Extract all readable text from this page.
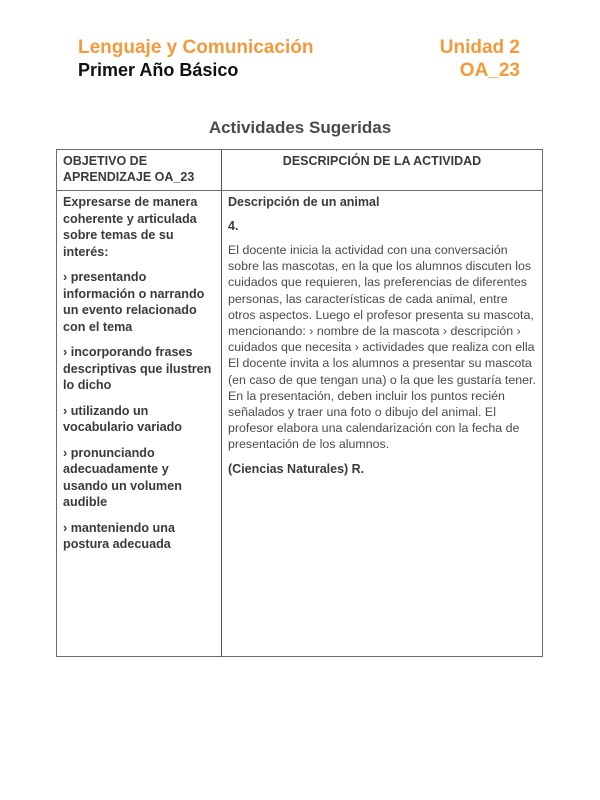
Lenguaje y Comunicación	Unidad 2
Primer Año Básico	OA_23
Actividades Sugeridas
OBJETIVO DE APRENDIZAJE OA_23
DESCRIPCIÓN DE LA ACTIVIDAD

Expresarse de manera coherente y articulada sobre temas de su interés:

› presentando información o narrando un evento relacionado con el tema

› incorporando frases descriptivas que ilustren lo dicho

› utilizando un vocabulario variado

› pronunciando adecuadamente y usando un volumen audible

› manteniendo una postura adecuada

Descripción de un animal

4.

El docente inicia la actividad con una conversación sobre las mascotas, en la que los alumnos discuten los cuidados que requieren, las preferencias de diferentes personas, las características de cada animal, entre otros aspectos. Luego el profesor presenta su mascota, mencionando: › nombre de la mascota › descripción › cuidados que necesita › actividades que realiza con ella El docente invita a los alumnos a presentar su mascota (en caso de que tengan una) o la que les gustaría tener. En la presentación, deben incluir los puntos recién señalados y traer una foto o dibujo del animal. El profesor elabora una calendarización con la fecha de presentación de los alumnos.

(Ciencias Naturales) R.
